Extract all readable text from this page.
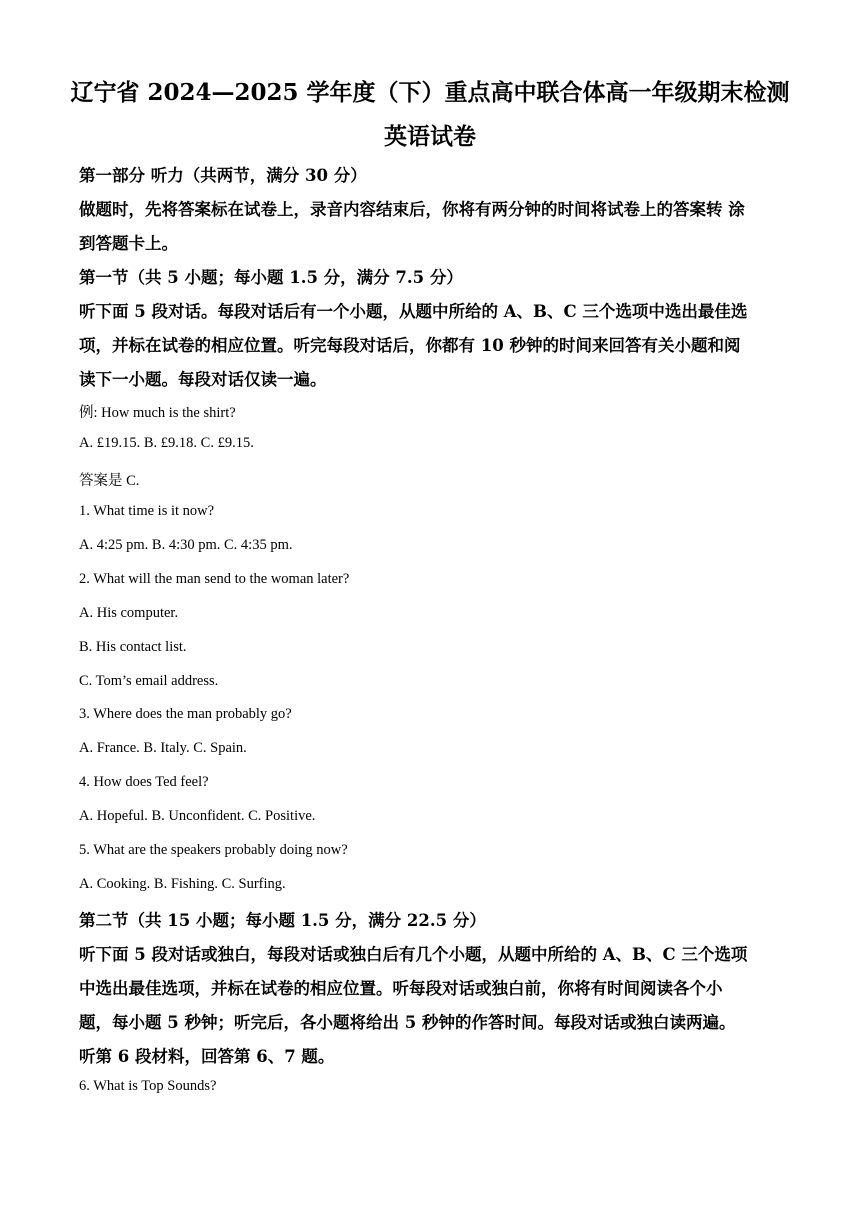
辽宁省 2024—2025 学年度（下）重点高中联合体高一年级期末检测
英语试卷
第一部分 听力（共两节，满分 30 分）
做题时，先将答案标在试卷上，录音内容结束后，你将有两分钟的时间将试卷上的答案转 涂
到答题卡上。
第一节（共 5 小题；每小题 1.5 分，满分 7.5 分）
听下面 5 段对话。每段对话后有一个小题，从题中所给的 A、B、C 三个选项中选出最佳选
项，并标在试卷的相应位置。听完每段对话后，你都有 10 秒钟的时间来回答有关小题和阅
读下一小题。每段对话仅读一遍。
例: How much is the shirt?
A. £19.15. B. £9.18. C. £9.15.
答案是 C.
1. What time is it now?
A. 4:25 pm. B. 4:30 pm. C. 4:35 pm.
2. What will the man send to the woman later?
A. His computer.
B. His contact list.
C. Tom’s email address.
3. Where does the man probably go?
A. France. B. Italy. C. Spain.
4. How does Ted feel?
A. Hopeful. B. Unconfident. C. Positive.
5. What are the speakers probably doing now?
A. Cooking. B. Fishing. C. Surfing.
第二节（共 15 小题；每小题 1.5 分，满分 22.5 分）
听下面 5 段对话或独白，每段对话或独白后有几个小题，从题中所给的 A、B、C 三个选项
中选出最佳选项，并标在试卷的相应位置。听每段对话或独白前，你将有时间阅读各个小
题，每小题 5 秒钟；听完后，各小题将给出 5 秒钟的作答时间。每段对话或独白读两遍。
听第 6 段材料，回答第 6、7 题。
6. What is Top Sounds?
